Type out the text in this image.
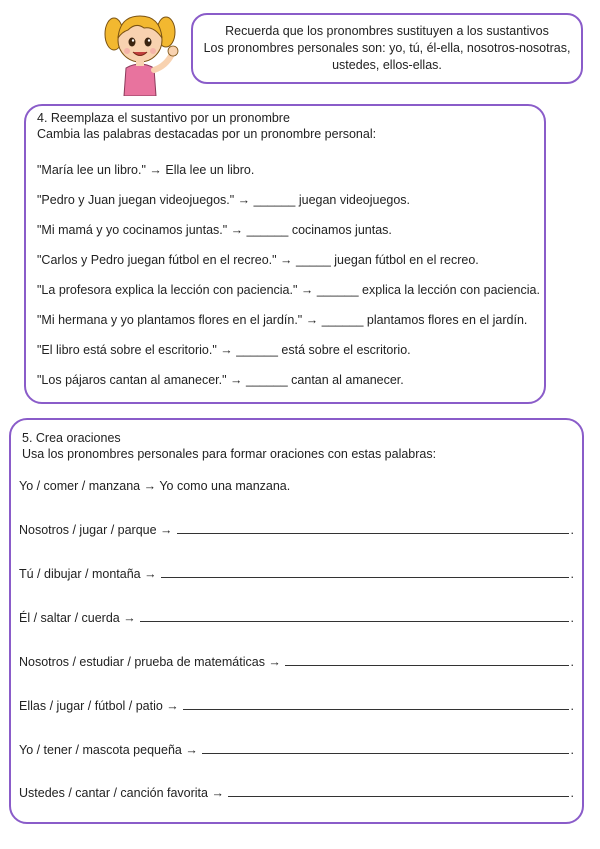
Recuerda que los pronombres sustituyen a los sustantivos
Los pronombres personales son: yo, tú, él-ella, nosotros-nosotras,
ustedes, ellos-ellas.
4. Reemplaza el sustantivo por un pronombre
Cambia las palabras destacadas por un pronombre personal:
"María lee un libro." → Ella lee un libro.
"Pedro y Juan juegan videojuegos." → ______ juegan videojuegos.
"Mi mamá y yo cocinamos juntas." → ______ cocinamos juntas.
"Carlos y Pedro juegan fútbol en el recreo." → _____ juegan fútbol en el recreo.
"La profesora explica la lección con paciencia." → ______ explica la lección con paciencia.
"Mi hermana y yo plantamos flores en el jardín." → ______ plantamos flores en el jardín.
"El libro está sobre el escritorio." → ______ está sobre el escritorio.
"Los pájaros cantan al amanecer." → ______ cantan al amanecer.
5. Crea oraciones
Usa los pronombres personales para formar oraciones con estas palabras:
Yo / comer / manzana → Yo como una manzana.
Nosotros / jugar / parque →	.
Tú / dibujar / montaña →	.
Él / saltar / cuerda →	.
Nosotros / estudiar / prueba de matemáticas →	.
Ellas / jugar / fútbol / patio →	.
Yo / tener / mascota pequeña →	.
Ustedes / cantar / canción favorita →	.
